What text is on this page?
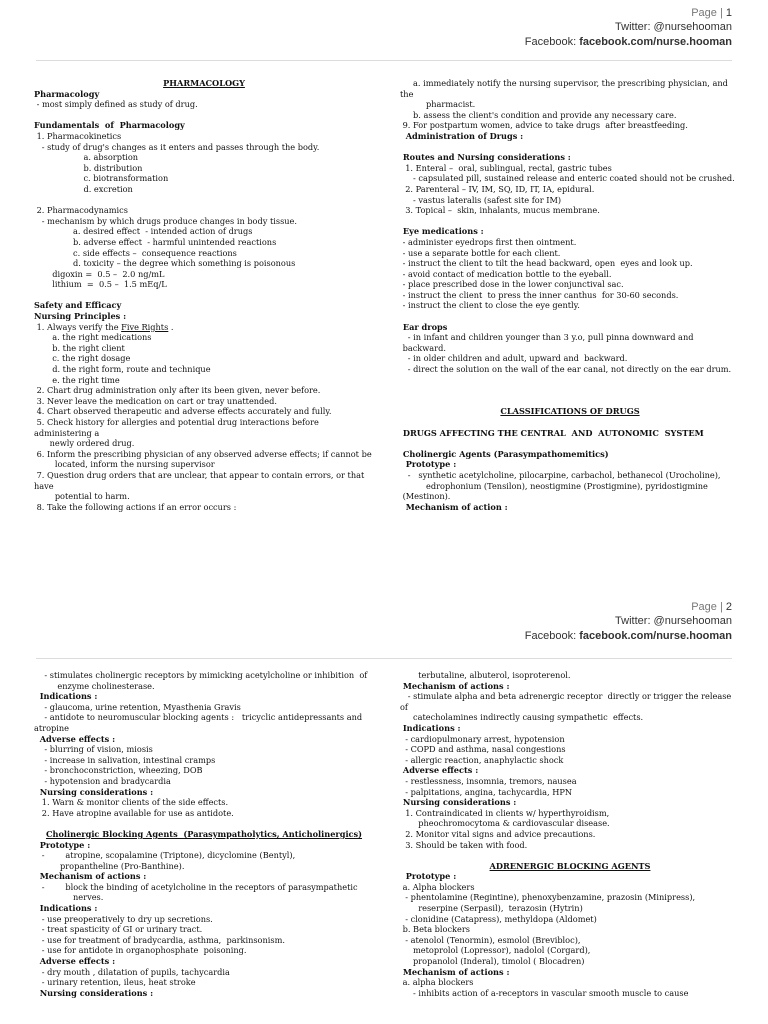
Page | 1
Twitter: @nursehooman
Facebook: facebook.com/nurse.hooman
PHARMACOLOGY
Pharmacology
- most simply defined as study of drug.
Fundamentals  of  Pharmacology
1. Pharmacokinetics
- study of drug's changes as it enters and passes through the body.
a. absorption
b. distribution
c. biotransformation
d. excretion
2. Pharmacodynamics
- mechanism by which drugs produce changes in body tissue.
a. desired effect  - intended action of drugs
b. adverse effect  - harmful unintended reactions
c. side effects –  consequence reactions
d. toxicity – the degree which something is poisonous
digoxin =  0.5 –  2.0 ng/mL
lithium  =  0.5 –  1.5 mEq/L
Safety and Efficacy
Nursing Principles :
1. Always verify the Five Rights .
a. the right medications
b. the right client
c. the right dosage
d. the right form, route and technique
e. the right time
2. Chart drug administration only after its been given, never before.
3. Never leave the medication on cart or tray unattended.
4. Chart observed therapeutic and adverse effects accurately and fully.
5. Check history for allergies and potential drug interactions before
administering a
newly ordered drug.
6. Inform the prescribing physician of any observed adverse effects; if cannot be
located, inform the nursing supervisor
7. Question drug orders that are unclear, that appear to contain errors, or that
have
potential to harm.
8. Take the following actions if an error occurs :
a. immediately notify the nursing supervisor, the prescribing physician, and
the
pharmacist.
b. assess the client's condition and provide any necessary care.
9. For postpartum women, advice to take drugs  after breastfeeding.
Administration of Drugs :
Routes and Nursing considerations :
1. Enteral –  oral, sublingual, rectal, gastric tubes
- capsulated pill, sustained release and enteric coated should not be crushed.
2. Parenteral – IV, IM, SQ, ID, IT, IA, epidural.
- vastus lateralis (safest site for IM)
3. Topical –  skin, inhalants, mucus membrane.
Eye medications :
- administer eyedrops first then ointment.
- use a separate bottle for each client.
- instruct the client to tilt the head backward, open  eyes and look up.
- avoid contact of medication bottle to the eyeball.
- place prescribed dose in the lower conjunctival sac.
- instruct the client  to press the inner canthus  for 30-60 seconds.
- instruct the client to close the eye gently.
Ear drops
- in infant and children younger than 3 y.o, pull pinna downward and
backward.
- in older children and adult, upward and  backward.
- direct the solution on the wall of the ear canal, not directly on the ear drum.
CLASSIFICATIONS OF DRUGS
DRUGS AFFECTING THE CENTRAL  AND  AUTONOMIC  SYSTEM
Cholinergic Agents (Parasympathomemitics)
Prototype :
-   synthetic acetylcholine, pilocarpine, carbachol, bethanecol (Urocholine),
edrophonium (Tensilon), neostigmine (Prostigmine), pyridostigmine
(Mestinon).
Mechanism of action :
Page | 2
Twitter: @nursehooman
Facebook: facebook.com/nurse.hooman
- stimulates cholinergic receptors by mimicking acetylcholine or inhibition  of
enzyme cholinesterase.
Indications :
- glaucoma, urine retention, Myasthenia Gravis
- antidote to neuromuscular blocking agents :   tricyclic antidepressants and
atropine
Adverse effects :
- blurring of vision, miosis
- increase in salivation, intestinal cramps
- bronchoconstriction, wheezing, DOB
- hypotension and bradycardia
Nursing considerations :
1. Warn & monitor clients of the side effects.
2. Have atropine available for use as antidote.
Cholinergic Blocking Agents  (Parasympatholytics, Anticholinergics)
Prototype :
-        atropine, scopalamine (Triptone), dicyclomine (Bentyl),
propantheline (Pro-Banthine).
Mechanism of actions :
-        block the binding of acetylcholine in the receptors of parasympathetic
nerves.
Indications :
- use preoperatively to dry up secretions.
- treat spasticity of GI or urinary tract.
- use for treatment of bradycardia, asthma,  parkinsonism.
- use for antidote in organophosphate  poisoning.
Adverse effects :
- dry mouth , dilatation of pupils, tachycardia
- urinary retention, ileus, heat stroke
Nursing considerations :
terbutaline, albuterol, isoproterenol.
Mechanism of actions :
- stimulate alpha and beta adrenergic receptor  directly or trigger the release
of
catecholamines indirectly causing sympathetic  effects.
Indications :
- cardiopulmonary arrest, hypotension
- COPD and asthma, nasal congestions
- allergic reaction, anaphylactic shock
Adverse effects :
- restlessness, insomnia, tremors, nausea
- palpitations, angina, tachycardia, HPN
Nursing considerations :
1. Contraindicated in clients w/ hyperthyroidism,
pheochromocytoma & cardiovascular disease.
2. Monitor vital signs and advice precautions.
3. Should be taken with food.
ADRENERGIC BLOCKING AGENTS
Prototype :
a. Alpha blockers
- phentolamine (Regintine), phenoxybenzamine, prazosin (Minipress),
reserpine (Serpasil),  terazosin (Hytrin)
- clonidine (Catapress), methyldopa (Aldomet)
b. Beta blockers
- atenolol (Tenormin), esmolol (Brevibloc),
metoprolol (Lopressor), nadolol (Corgard),
propanolol (Inderal), timolol ( Blocadren)
Mechanism of actions :
a. alpha blockers
- inhibits action of a-receptors in vascular smooth muscle to cause
